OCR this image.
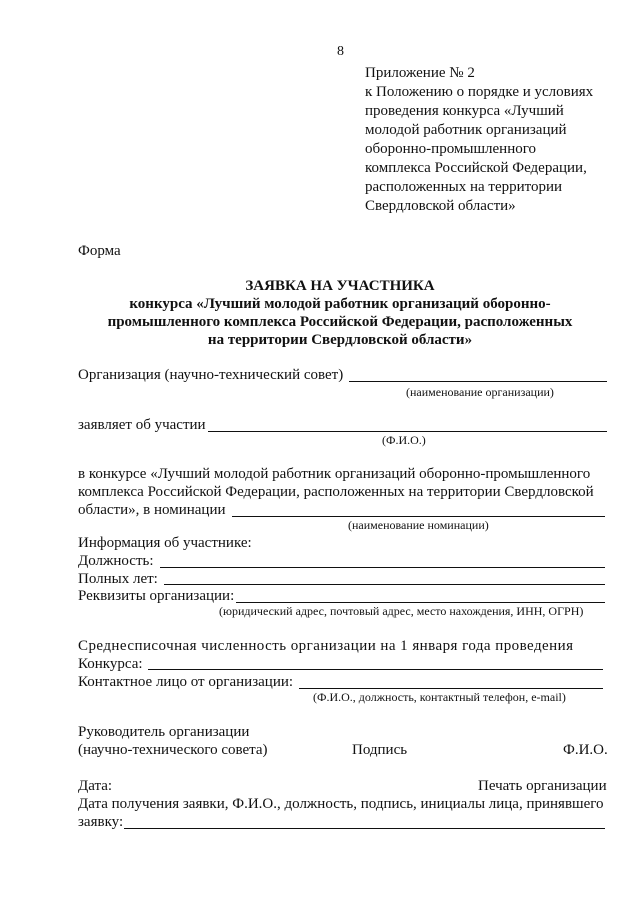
8
Приложение № 2
к Положению о порядке и условиях
проведения конкурса «Лучший
молодой работник организаций
оборонно-промышленного
комплекса Российской Федерации,
расположенных на территории
Свердловской области»
Форма
ЗАЯВКА НА УЧАСТНИКА
конкурса «Лучший молодой работник организаций оборонно-
промышленного комплекса Российской Федерации, расположенных
на территории Свердловской области»
Организация (научно-технический совет)
(наименование организации)
заявляет об участии
(Ф.И.О.)
в конкурсе «Лучший молодой работник организаций оборонно-промышленного
комплекса Российской Федерации, расположенных на территории Свердловской
области», в номинации
(наименование номинации)
Информация об участнике:
Должность:
Полных лет:
Реквизиты организации:
(юридический адрес, почтовый адрес, место нахождения, ИНН, ОГРН)
Среднесписочная численность организации на 1 января года проведения
Конкурса:
Контактное лицо от организации:
(Ф.И.О., должность, контактный телефон, e-mail)
Руководитель организации
(научно-технического совета)	Подпись	Ф.И.О.
Дата:	Печать организации
Дата получения заявки, Ф.И.О., должность, подпись, инициалы лица, принявшего
заявку:
